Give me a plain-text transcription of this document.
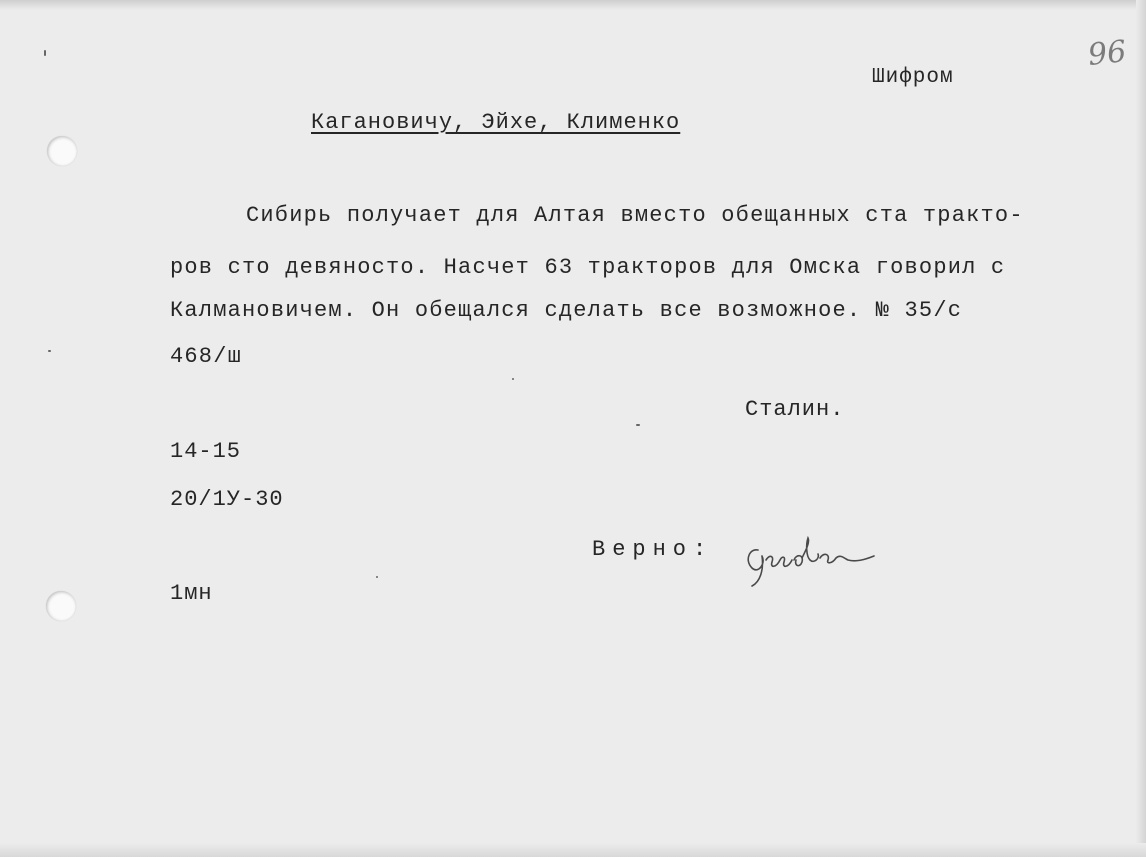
96
Шифром
Кагановичу, Эйхе, Клименко
Сибирь получает для Алтая вместо обещанных ста тракто-
ров сто девяносто. Насчет 63 тракторов для Омска говорил с
Калмановичем. Он обещался сделать все возможное. № 35/с
468/ш
Сталин.
14-15
20/1У-30
Верно:
1мн
